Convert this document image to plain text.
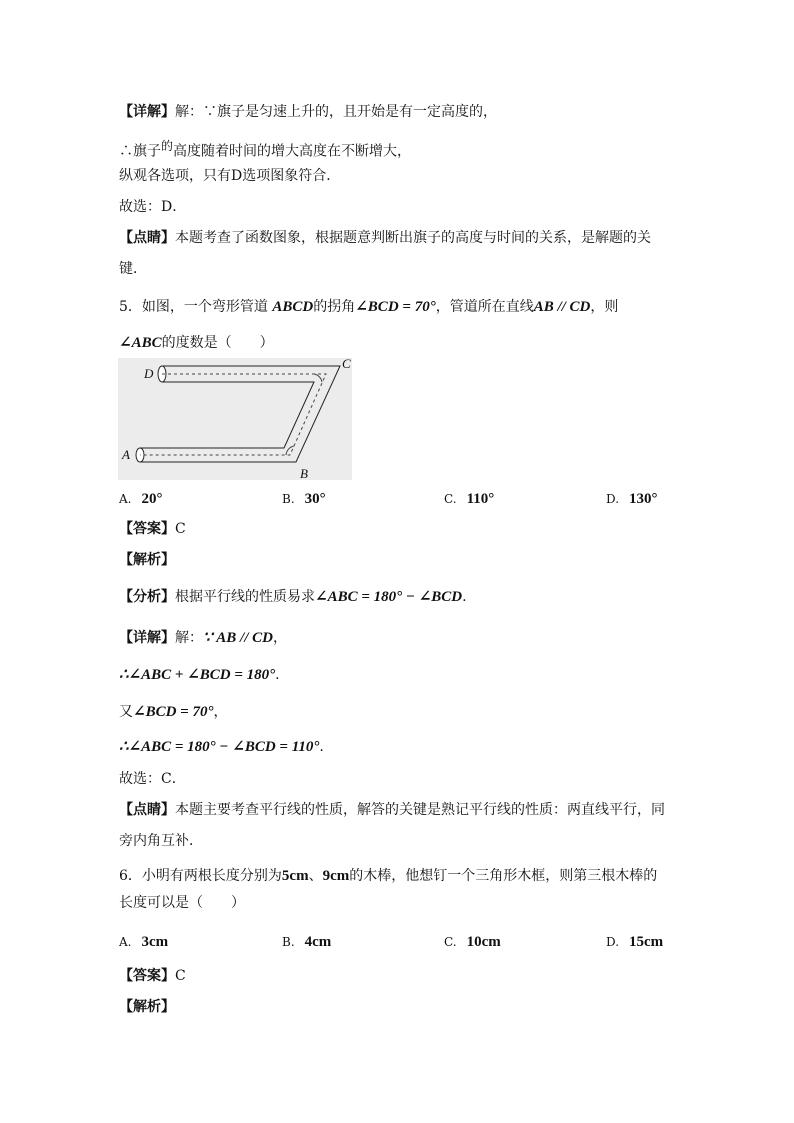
【详解】解：∵旗子是匀速上升的，且开始是有一定高度的，
∴旗子$^的$高度随着时间的增大高度在不断增大，
纵观各选项，只有D选项图象符合．
故选：D．
【点睛】本题考查了函数图象，根据题意判断出旗子的高度与时间的关系，是解题的关
键．
5．如图，一个弯形管道 ABCD的拐角∠BCD = 70°，管道所在直线AB // CD，则
∠ABC的度数是（　　）
D
C
A
B
A. 20°	B. 30°	C. 110°	D. 130°
【答案】C
【解析】
【分析】根据平行线的性质易求∠ABC = 180° − ∠BCD.
【详解】解：∵ AB // CD，
∴∠ABC + ∠BCD = 180°.
又∠BCD = 70°，
∴∠ABC = 180° − ∠BCD = 110°.
故选：C．
【点睛】本题主要考查平行线的性质，解答的关键是熟记平行线的性质：两直线平行，同
旁内角互补．
6．小明有两根长度分别为5cm、9cm的木棒，他想钉一个三角形木框，则第三根木棒的
长度可以是（　　）
A. 3cm	B. 4cm	C. 10cm	D. 15cm
【答案】C
【解析】
